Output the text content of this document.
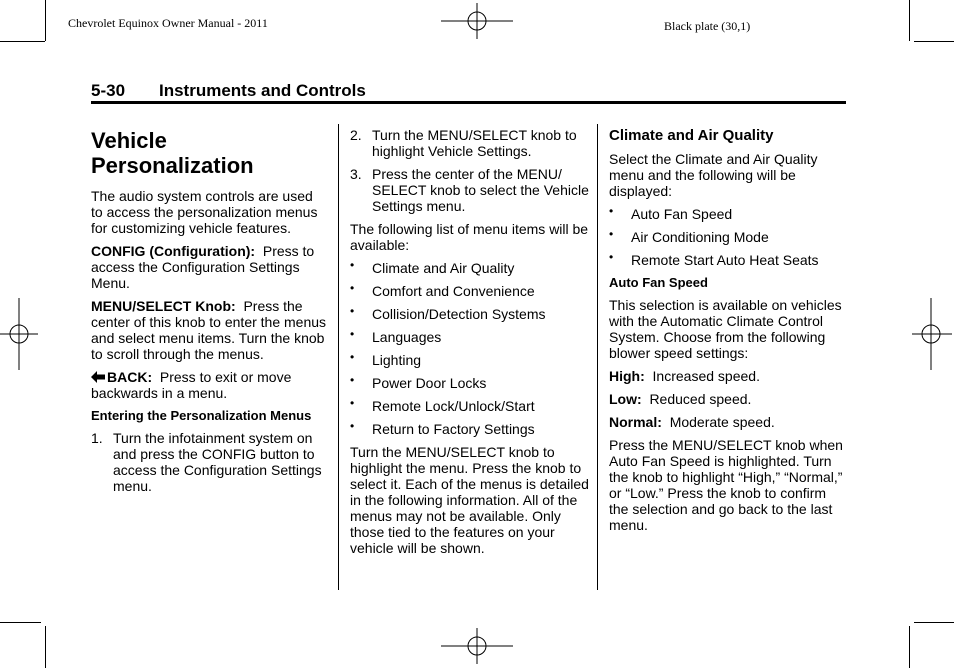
Chevrolet Equinox Owner Manual - 2011	Black plate (30,1)
5-30 Instruments and Controls
Vehicle
Personalization

The audio system controls are used to access the personalization menus for customizing vehicle features.

CONFIG (Configuration): Press to access the Configuration Settings Menu.

MENU/SELECT Knob: Press the center of this knob to enter the menus and select menu items. Turn the knob to scroll through the menus.

BACK: Press to exit or move backwards in a menu.

Entering the Personalization Menus
1. Turn the infotainment system on and press the CONFIG button to access the Configuration Settings menu.
2. Turn the MENU/SELECT knob to highlight Vehicle Settings.
3. Press the center of the MENU/ SELECT knob to select the Vehicle Settings menu.

The following list of menu items will be available:

• Climate and Air Quality
• Comfort and Convenience
• Collision/Detection Systems
• Languages
• Lighting
• Power Door Locks
• Remote Lock/Unlock/Start
• Return to Factory Settings

Turn the MENU/SELECT knob to highlight the menu. Press the knob to select it. Each of the menus is detailed in the following information. All of the menus may not be available. Only those tied to the features on your vehicle will be shown.

Climate and Air Quality

Select the Climate and Air Quality menu and the following will be displayed:

• Auto Fan Speed
• Air Conditioning Mode
• Remote Start Auto Heat Seats
Auto Fan Speed

This selection is available on vehicles with the Automatic Climate Control System. Choose from the following blower speed settings:

High: Increased speed.

Low: Reduced speed.

Normal: Moderate speed.

Press the MENU/SELECT knob when Auto Fan Speed is highlighted. Turn the knob to highlight “High,” “Normal,” or “Low.” Press the knob to confirm the selection and go back to the last menu.
